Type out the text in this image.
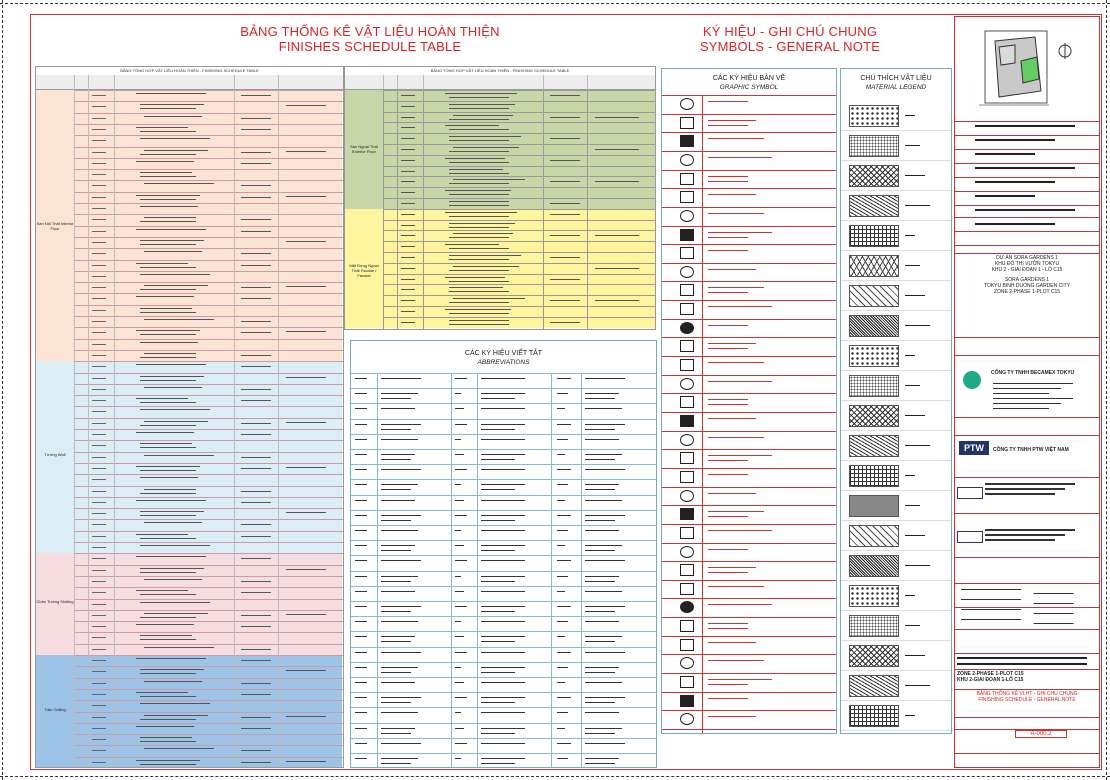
BẢNG THỐNG KÊ VẬT LIỆU HOÀN THIỆN
FINISHES SCHEDULE TABLE
KÝ HIỆU - GHI CHÚ CHUNG
SYMBOLS - GENERAL NOTE
BẢNG TỔNG HỢP VẬT LIỆU HOÀN THIỆN - FINISHING SCHEDULE TABLE
Sàn Nội Thất Interior Floor
Tường Wall
Chân Tường Skirting
Trần Ceiling
BẢNG TỔNG HỢP VẬT LIỆU HOÀN THIỆN - FINISHING SCHEDULE TABLE
Sàn Ngoại Thất Exterior Floor
Mặt Đứng Ngoại Thất Facade / Facade
CÁC KÝ HIỆU VIẾT TẮT
ABBREVIATIONS
CÁC KÝ HIỆU BẢN VẼ
GRAPHIC SYMBOL
CHÚ THÍCH VẬT LIỆU
MATERIAL LEGEND
DỰ ÁN SORA GARDENS 1
KHU ĐÔ THỊ VƯỜN TOKYU
KHU 2 - GIAI ĐOẠN 1 - LÔ C15
SORA GARDENS 1
TOKYU BINH DUONG GARDEN CITY
ZONE 2-PHASE 1-PLOT C15
CÔNG TY TNHH BECAMEX TOKYU
PTW	CÔNG TY TNHH PTW VIỆT NAM
ZONE 2-PHASE 1-PLOT C15
KHU 2-GIAI ĐOẠN 1-LÔ C15
BẢNG THỐNG KÊ VLHT - GHI CHÚ CHUNG
FINISHING SCHEDULE - GENERAL NOTE
A-000.2
